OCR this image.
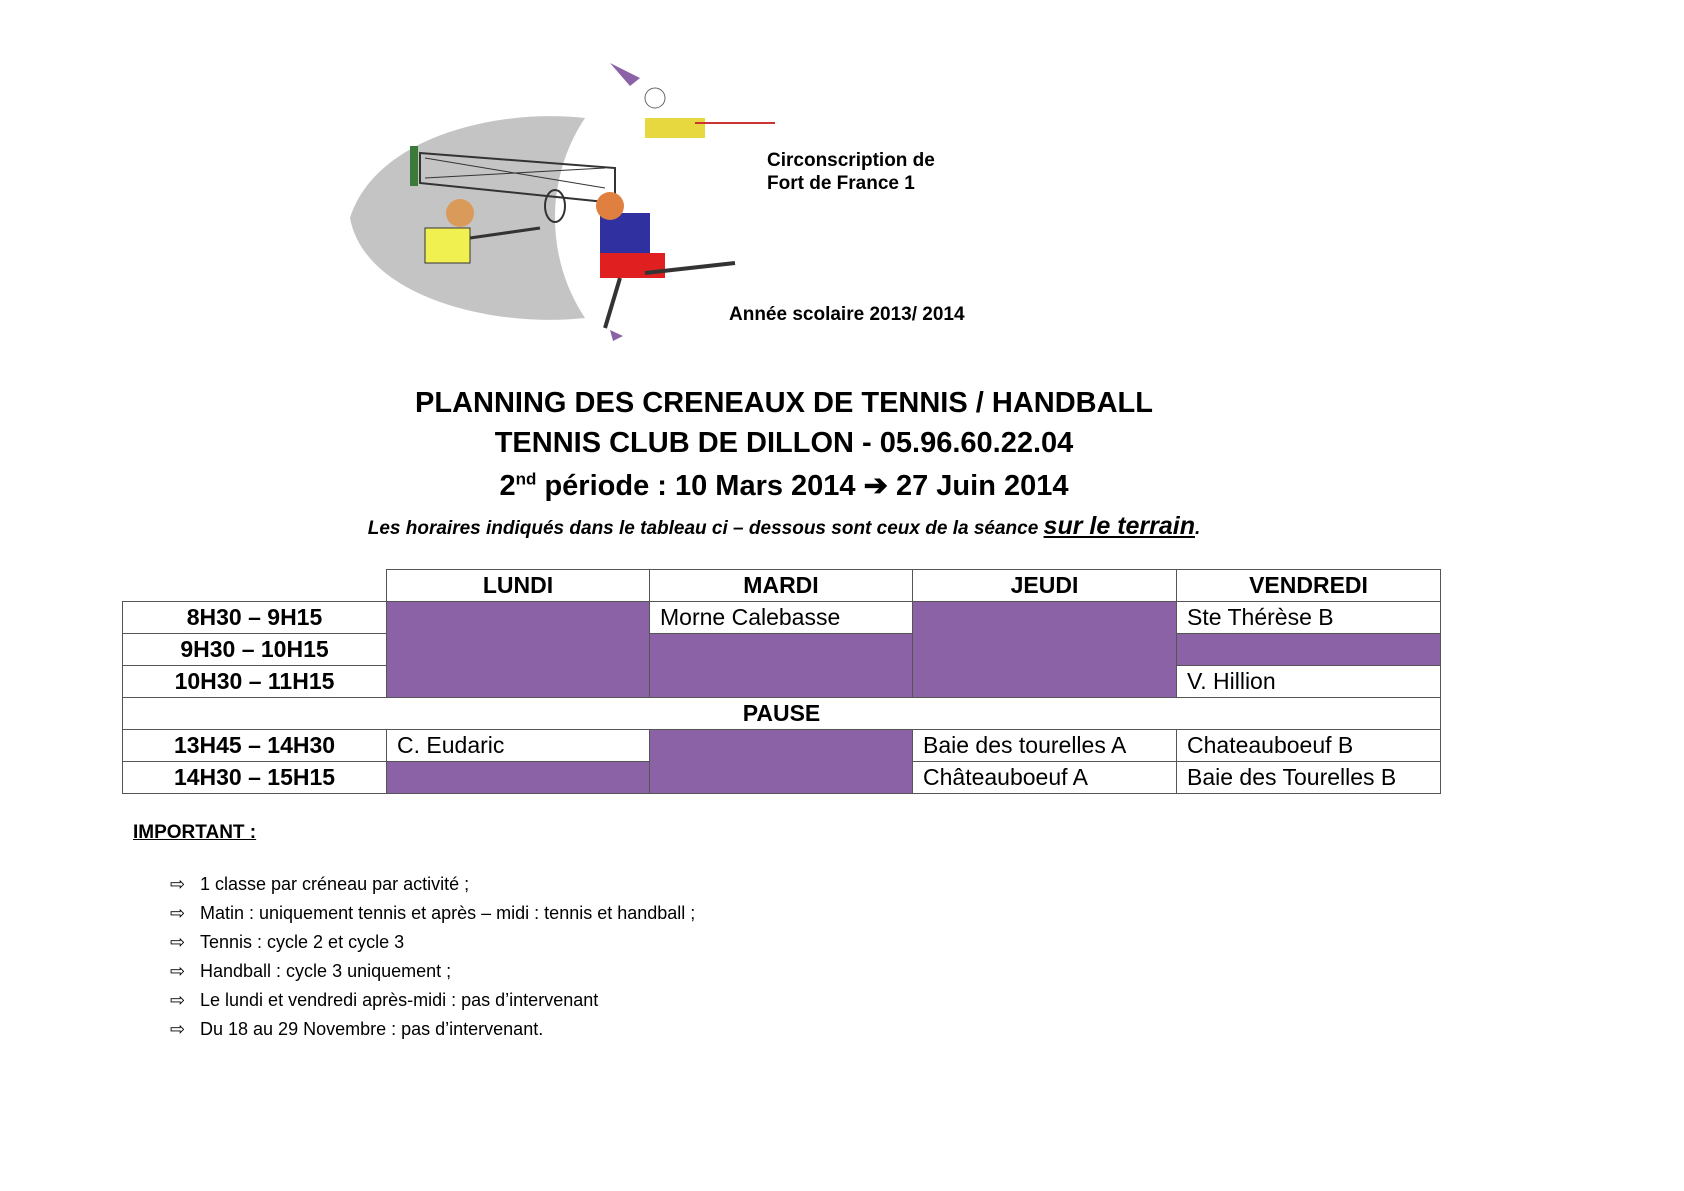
Circonscription de
Fort de France 1
Année scolaire 2013/ 2014
PLANNING DES CRENEAUX DE TENNIS / HANDBALL
TENNIS CLUB DE DILLON - 05.96.60.22.04
2nd période : 10 Mars 2014 ➔ 27 Juin 2014
Les horaires indiqués dans le tableau ci – dessous sont ceux de la séance sur le terrain.
	LUNDI	MARDI	JEUDI	VENDREDI
8H30 – 9H15		Morne Calebasse		Ste Thérèse B
9H30 – 10H15				
10H30 – 11H15				V. Hillion
PAUSE				
13H45 – 14H30	C. Eudaric		Baie des tourelles A	Chateauboeuf B
14H30 – 15H15			Châteauboeuf A	Baie des Tourelles B
IMPORTANT :
⇨ 1 classe par créneau par activité ;
⇨ Matin : uniquement tennis et après – midi : tennis et handball ;
⇨ Tennis : cycle 2 et cycle 3
⇨ Handball : cycle 3 uniquement ;
⇨ Le lundi et vendredi après-midi : pas d’intervenant
⇨ Du 18 au 29 Novembre : pas d’intervenant.
